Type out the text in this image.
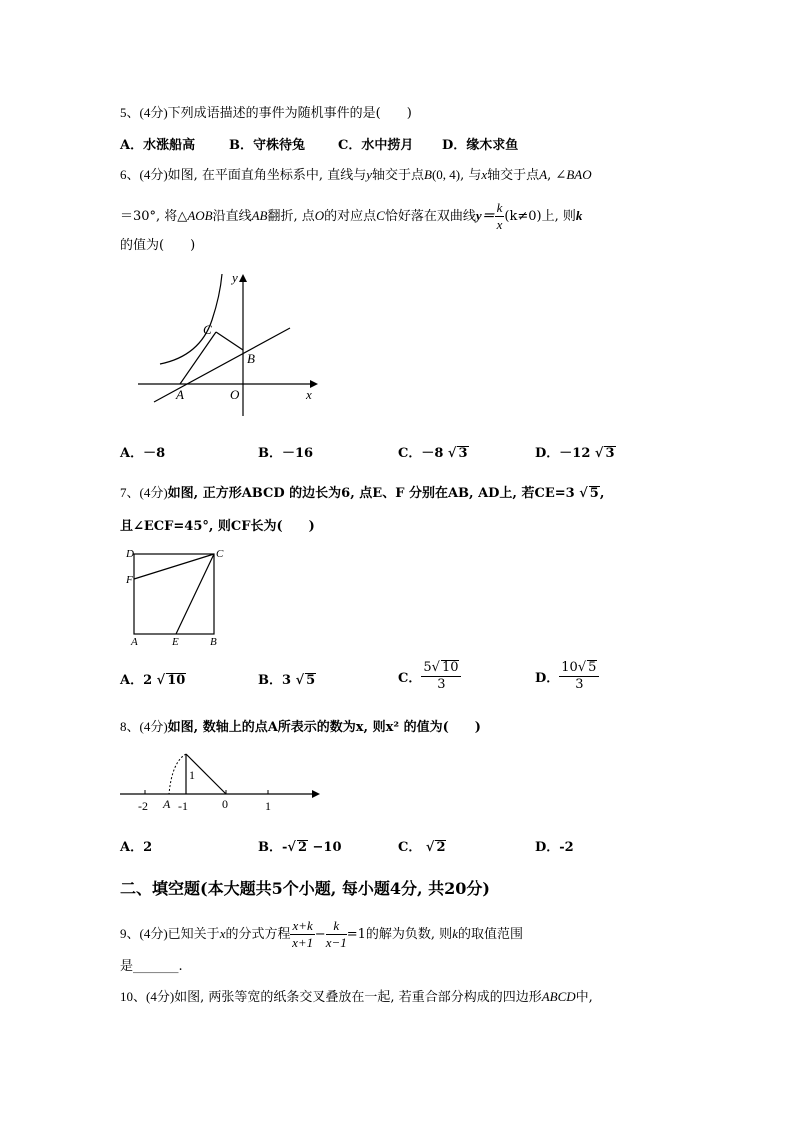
5、(4分)下列成语描述的事件为随机事件的是(　　)
A．水涨船高	B．守株待兔	C．水中捞月 D．缘木求鱼
6、(4分)如图, 在平面直角坐标系中, 直线与y轴交于点B(0, 4), 与x轴交于点A, ∠BAO
＝30°, 将△AOB沿直线AB翻折, 点O的对应点C恰好落在双曲线$y= \frac{k}{x} (k\ne 0)$上, 则k
的值为(　　)
y
x
C
B
A	O
A．－8	B．－16	C．－8 √ 3	D．－12 √ 3
7、(4分)如图, 正方形ABCD 的边长为6, 点E、F 分别在AB, AD上, 若CE=3 √ 5,
且∠ECF=45°, 则CF长为(　　)
D	C
F
A	E	B
A．2 √ 10	B．3 √ 5	C． $\frac{5√ 10}{3}$	D． $\frac{10√ 5}{3}$
8、(4分)如图, 数轴上的点A所表示的数为x, 则x² 的值为(　　)
-2 A -1	0	1
1
A．2	B．-√ 2 −10	C． √ 2	D．-2
二、填空题(本大题共5个小题, 每小题4分, 共20分)
9、(4分)已知关于x的分式方程 $\frac{x+k}{x+1} - \frac{k}{x-1} =1$的解为负数, 则k的取值范围
是_______.
10、(4分)如图, 两张等宽的纸条交叉叠放在一起, 若重合部分构成的四边形ABCD中,
